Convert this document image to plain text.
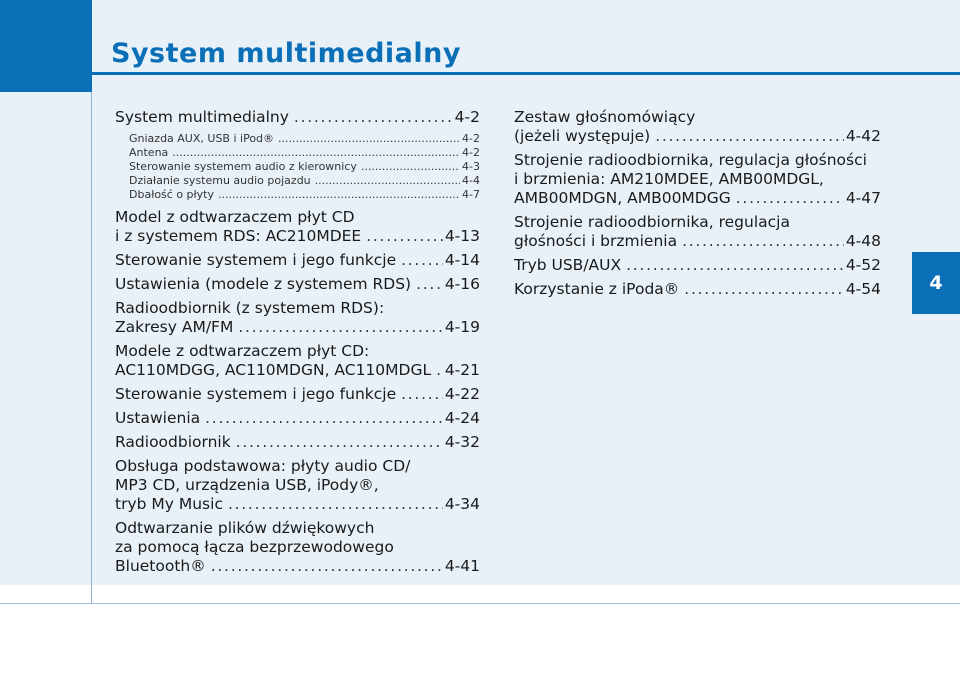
System multimedialny
4
System multimedialny . . .	4-2
Gniazda AUX, USB i iPod® .....	4-2
Antena .....	4-2
Sterowanie systemem audio z kierownicy .....	4-3
Działanie systemu audio pojazdu .....	4-4
Dbałość o płyty .....	4-7
Model z odtwarzaczem płyt CD
i z systemem RDS: AC210MDEE . . .	4-13
Sterowanie systemem i jego funkcje . . .	4-14
Ustawienia (modele z systemem RDS) . . . 4-16
Radioodbiornik (z systemem RDS):
Zakresy AM/FM . . .	4-19
Modele z odtwarzaczem płyt CD:
AC110MDGG, AC110MDGN, AC110MDGL . . . 4-21
Sterowanie systemem i jego funkcje . . .	4-22
Ustawienia . . .	4-24
Radioodbiornik . . .	4-32
Obsługa podstawowa: płyty audio CD/
MP3 CD, urządzenia USB, iPody®,
tryb My Music . . .	4-34
Odtwarzanie plików dźwiękowych
za pomocą łącza bezprzewodowego
Bluetooth® . . .	4-41
Zestaw głośnomówiący
(jeżeli występuje) . . .	4-42
Strojenie radioodbiornika, regulacja głośności
i brzmienia: AM210MDEE, AMB00MDGL,
AMB00MDGN, AMB00MDGG . . .	4-47
Strojenie radioodbiornika, regulacja
głośności i brzmienia . . .	4-48
Tryb USB/AUX . . .	4-52
Korzystanie z iPoda® . . .	4-54
